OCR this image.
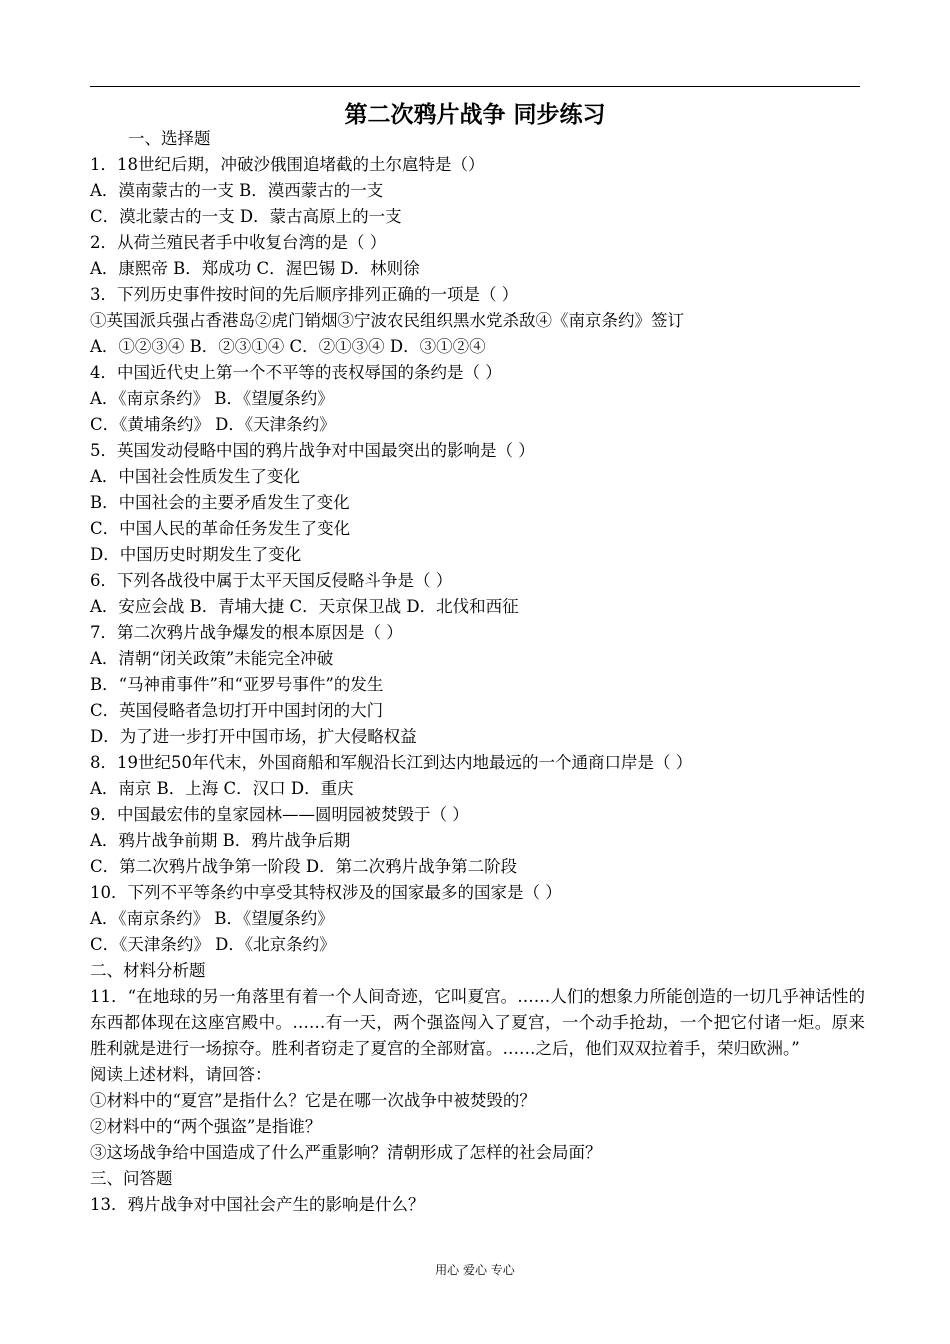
第二次鸦片战争 同步练习
一、选择题
1．18世纪后期，冲破沙俄围追堵截的土尔扈特是（）
A．漠南蒙古的一支 B．漠西蒙古的一支
C．漠北蒙古的一支 D．蒙古高原上的一支
2．从荷兰殖民者手中收复台湾的是（ ）
A．康熙帝 B．郑成功 C．渥巴锡 D．林则徐
3．下列历史事件按时间的先后顺序排列正确的一项是（ ）
①英国派兵强占香港岛②虎门销烟③宁波农民组织黑水党杀敌④《南京条约》签订
A．①②③④ B．②③①④ C．②①③④ D．③①②④
4．中国近代史上第一个不平等的丧权辱国的条约是（ ）
A．《南京条约》 B．《望厦条约》
C．《黄埔条约》 D．《天津条约》
5．英国发动侵略中国的鸦片战争对中国最突出的影响是（ ）
A．中国社会性质发生了变化
B．中国社会的主要矛盾发生了变化
C．中国人民的革命任务发生了变化
D．中国历史时期发生了变化
6．下列各战役中属于太平天国反侵略斗争是（ ）
A．安应会战 B．青埔大捷 C．天京保卫战 D．北伐和西征
7．第二次鸦片战争爆发的根本原因是（ ）
A．清朝“闭关政策”未能完全冲破
B．“马神甫事件”和“亚罗号事件”的发生
C．英国侵略者急切打开中国封闭的大门
D．为了进一步打开中国市场，扩大侵略权益
8．19世纪50年代末，外国商船和军舰沿长江到达内地最远的一个通商口岸是（ ）
A．南京 B．上海 C．汉口 D．重庆
9．中国最宏伟的皇家园林——圆明园被焚毁于（ ）
A．鸦片战争前期 B．鸦片战争后期
C．第二次鸦片战争第一阶段 D．第二次鸦片战争第二阶段
10．下列不平等条约中享受其特权涉及的国家最多的国家是（ ）
A．《南京条约》 B．《望厦条约》
C．《天津条约》 D．《北京条约》
二、材料分析题
11．“在地球的另一角落里有着一个人间奇迹，它叫夏宫。……人们的想象力所能创造的一切几乎神话性的东西都体现在这座宫殿中。……有一天，两个强盗闯入了夏宫，一个动手抢劫，一个把它付诸一炬。原来胜利就是进行一场掠夺。胜利者窃走了夏宫的全部财富。……之后，他们双双拉着手，荣归欧洲。”
阅读上述材料，请回答：
①材料中的“夏宫”是指什么？它是在哪一次战争中被焚毁的？
②材料中的“两个强盗”是指谁？
③这场战争给中国造成了什么严重影响？清朝形成了怎样的社会局面？
三、问答题
13．鸦片战争对中国社会产生的影响是什么？
用心 爱心 专心
